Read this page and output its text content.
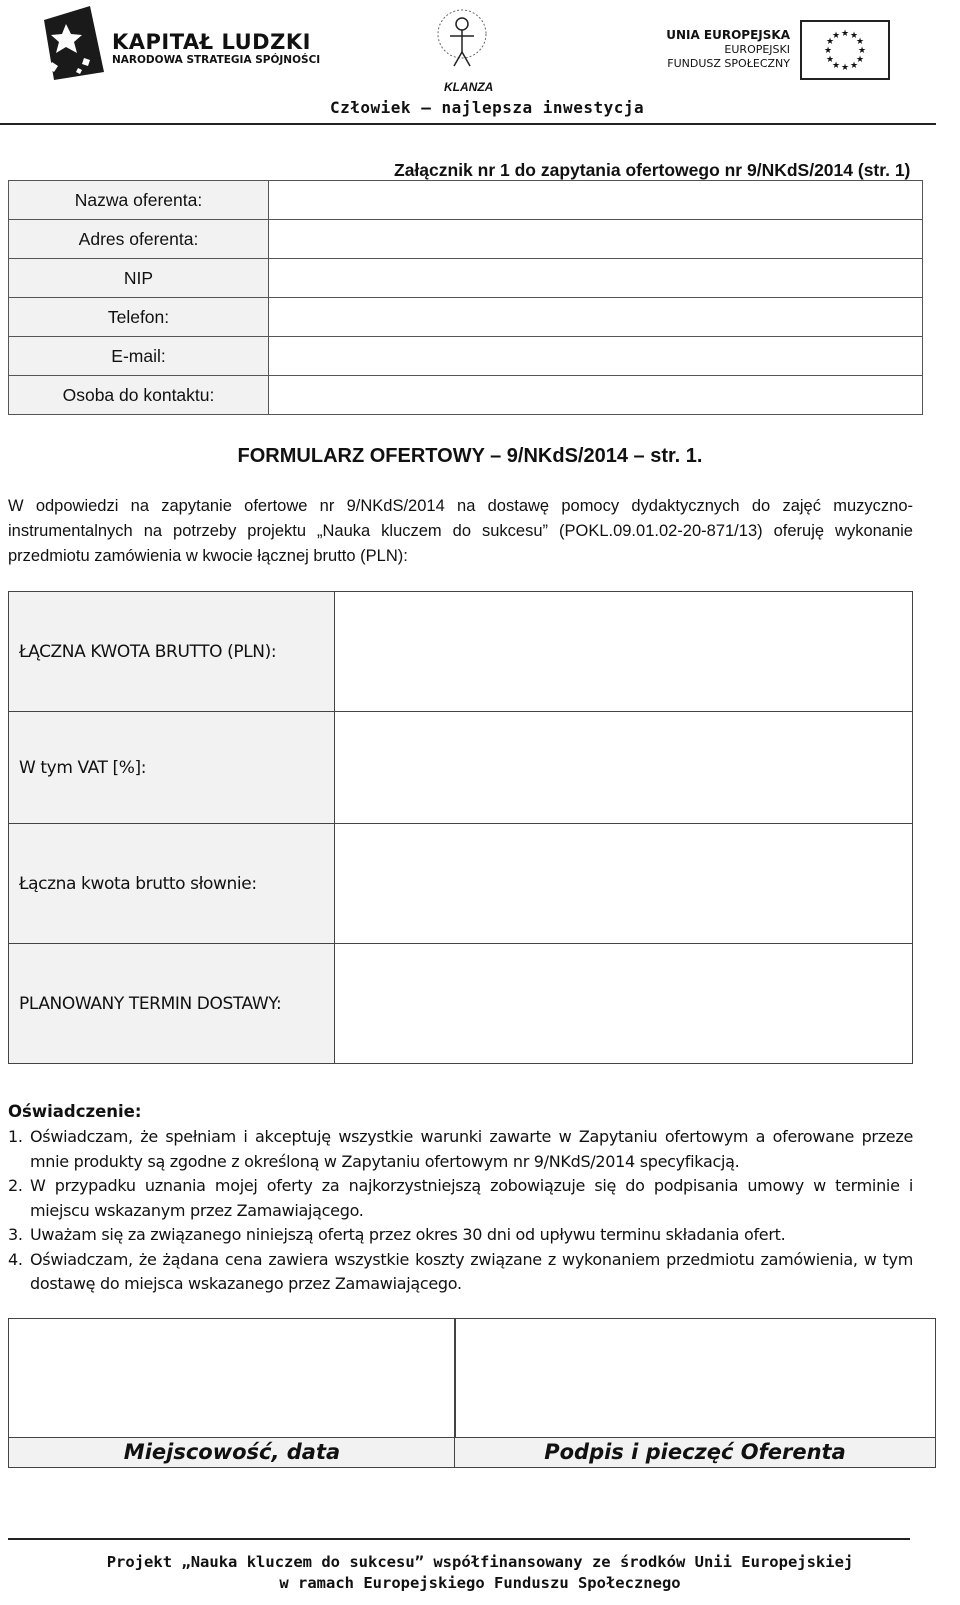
KAPITAŁ LUDZKI
NARODOWA STRATEGIA SPÓJNOŚCI
KLANZA
UNIA EUROPEJSKA
EUROPEJSKI
FUNDUSZ SPOŁECZNY
★ ★
★
★
★
★
★
★
★
★
★
★
Człowiek – najlepsza inwestycja
Załącznik nr 1 do zapytania ofertowego nr 9/NKdS/2014 (str. 1)
Nazwa oferenta:	
Adres oferenta:	
NIP	
Telefon:	
E-mail:	
Osoba do kontaktu:	
FORMULARZ OFERTOWY – 9/NKdS/2014 – str. 1.
W odpowiedzi na zapytanie ofertowe nr 9/NKdS/2014 na dostawę pomocy dydaktycznych do zajęć muzyczno-instrumentalnych na potrzeby projektu „Nauka kluczem do sukcesu” (POKL.09.01.02-20-871/13) oferuję wykonanie przedmiotu zamówienia w kwocie łącznej brutto (PLN):
ŁĄCZNA KWOTA BRUTTO (PLN):	
W tym VAT [%]:	
Łączna kwota brutto słownie:	
PLANOWANY TERMIN DOSTAWY:	
Oświadczenie:
1. Oświadczam, że spełniam i akceptuję wszystkie warunki zawarte w Zapytaniu ofertowym a oferowane przeze mnie produkty są zgodne z określoną w Zapytaniu ofertowym nr 9/NKdS/2014 specyfikacją.
2. W przypadku uznania mojej oferty za najkorzystniejszą zobowiązuje się do podpisania umowy w terminie i miejscu wskazanym przez Zamawiającego.
3. Uważam się za związanego niniejszą ofertą przez okres 30 dni od upływu terminu składania ofert.
4. Oświadczam, że żądana cena zawiera wszystkie koszty związane z wykonaniem przedmiotu zamówienia, w tym dostawę do miejsca wskazanego przez Zamawiającego.
Miejscowość, data	Podpis i pieczęć Oferenta
Projekt „Nauka kluczem do sukcesu” współfinansowany ze środków Unii Europejskiej
w ramach Europejskiego Funduszu Społecznego
